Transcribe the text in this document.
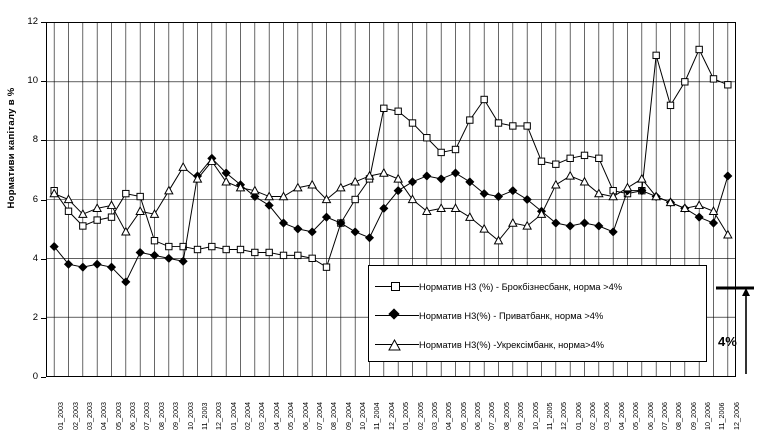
Нормативи капіталу в %
0
2
4
6
8
10
12
01_2003 02_2003 03_2003 04_2003 05_2003 06_2003 07_2003 08_2003 09_2003 10_2003 11_2003 12_2003 01_2004 02_2004 03_2004 04_2004 05_2004 06_2004 07_2004 08_2004 09_2004 10_2004 11_2004 12_2004 01_2005 02_2005 03_2005 04_2005 05_2005 06_2005 07_2005 08_2005 09_2005 10_2005 11_2005 12_2005 01_2006 02_2006 03_2006 04_2006 05_2006 06_2006 07_2006 08_2006 09_2006 10_2006 11_2006 12_2006
Норматив Н3 (%) - Брокбізнесбанк, норма >4%
Норматив Н3(%) - Приватбанк, норма >4%
Норматив Н3(%) -Укрексімбанк, норма>4%	4%
